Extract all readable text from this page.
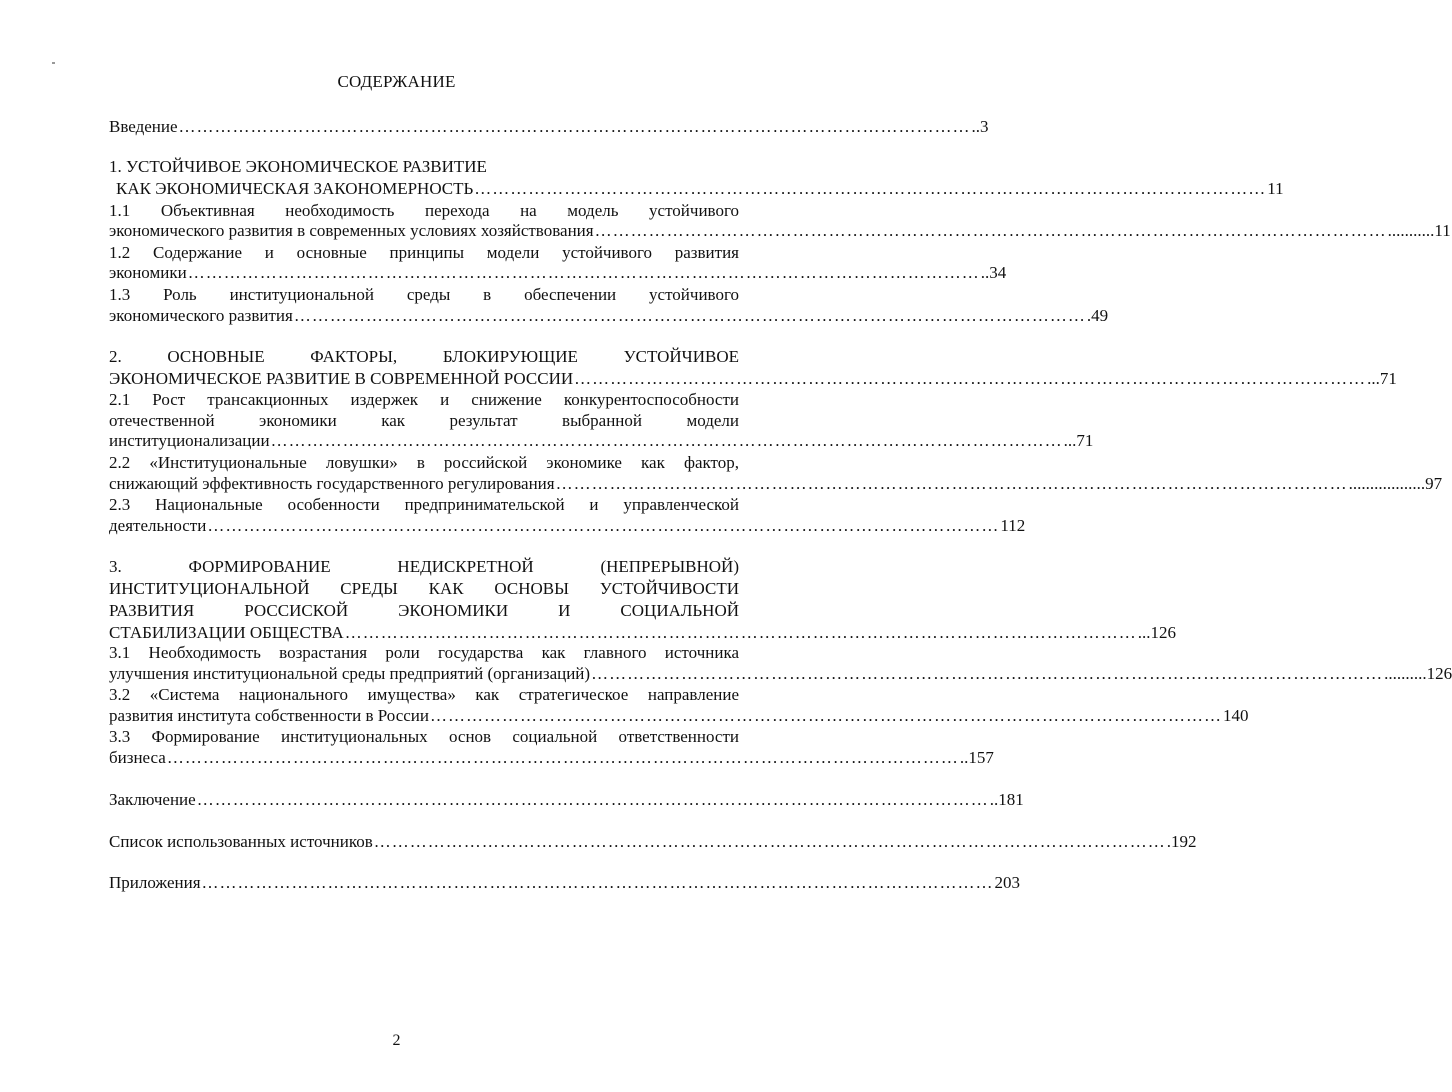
СОДЕРЖАНИЕ
Введение …………………………………………………………………………………………………………………… ..3
1. УСТОЙЧИВОЕ ЭКОНОМИЧЕСКОЕ РАЗВИТИЕ
КАК ЭКОНОМИЧЕСКАЯ ЗАКОНОМЕРНОСТЬ …………………………………………………………………………………………………………………… 11
1.1 Объективная необходимость перехода на модель устойчивого
экономического развития в современных условиях хозяйствования …………………………………………………………………………………………………………………… ...........11
1.2 Содержание и основные принципы модели устойчивого развития
экономики …………………………………………………………………………………………………………………… ..34
1.3 Роль институциональной среды в обеспечении устойчивого
экономического развития …………………………………………………………………………………………………………………… .49
2. ОСНОВНЫЕ ФАКТОРЫ, БЛОКИРУЮЩИЕ УСТОЙЧИВОЕ
ЭКОНОМИЧЕСКОЕ РАЗВИТИЕ В СОВРЕМЕННОЙ РОССИИ …………………………………………………………………………………………………………………… ...71
2.1 Рост трансакционных издержек и снижение конкурентоспособности
отечественной экономики как результат выбранной модели
институционализации …………………………………………………………………………………………………………………… ...71
2.2 «Институциональные ловушки» в российской экономике как фактор,
снижающий эффективность государственного регулирования …………………………………………………………………………………………………………………… ..................97
2.3 Национальные особенности предпринимательской и управленческой
деятельности …………………………………………………………………………………………………………………… 112
3. ФОРМИРОВАНИЕ НЕДИСКРЕТНОЙ (НЕПРЕРЫВНОЙ)
ИНСТИТУЦИОНАЛЬНОЙ СРЕДЫ КАК ОСНОВЫ УСТОЙЧИВОСТИ
РАЗВИТИЯ РОССИСКОЙ ЭКОНОМИКИ И СОЦИАЛЬНОЙ
СТАБИЛИЗАЦИИ ОБЩЕСТВА …………………………………………………………………………………………………………………… ...126
3.1 Необходимость возрастания роли государства как главного источника
улучшения институциональной среды предприятий (организаций) …………………………………………………………………………………………………………………… ..........126
3.2 «Система национального имущества» как стратегическое направление
развития института собственности в России …………………………………………………………………………………………………………………… 140
3.3 Формирование институциональных основ социальной ответственности
бизнеса …………………………………………………………………………………………………………………… ..157
Заключение …………………………………………………………………………………………………………………… ..181
Список использованных источников …………………………………………………………………………………………………………………… .192
Приложения …………………………………………………………………………………………………………………… 203
2
